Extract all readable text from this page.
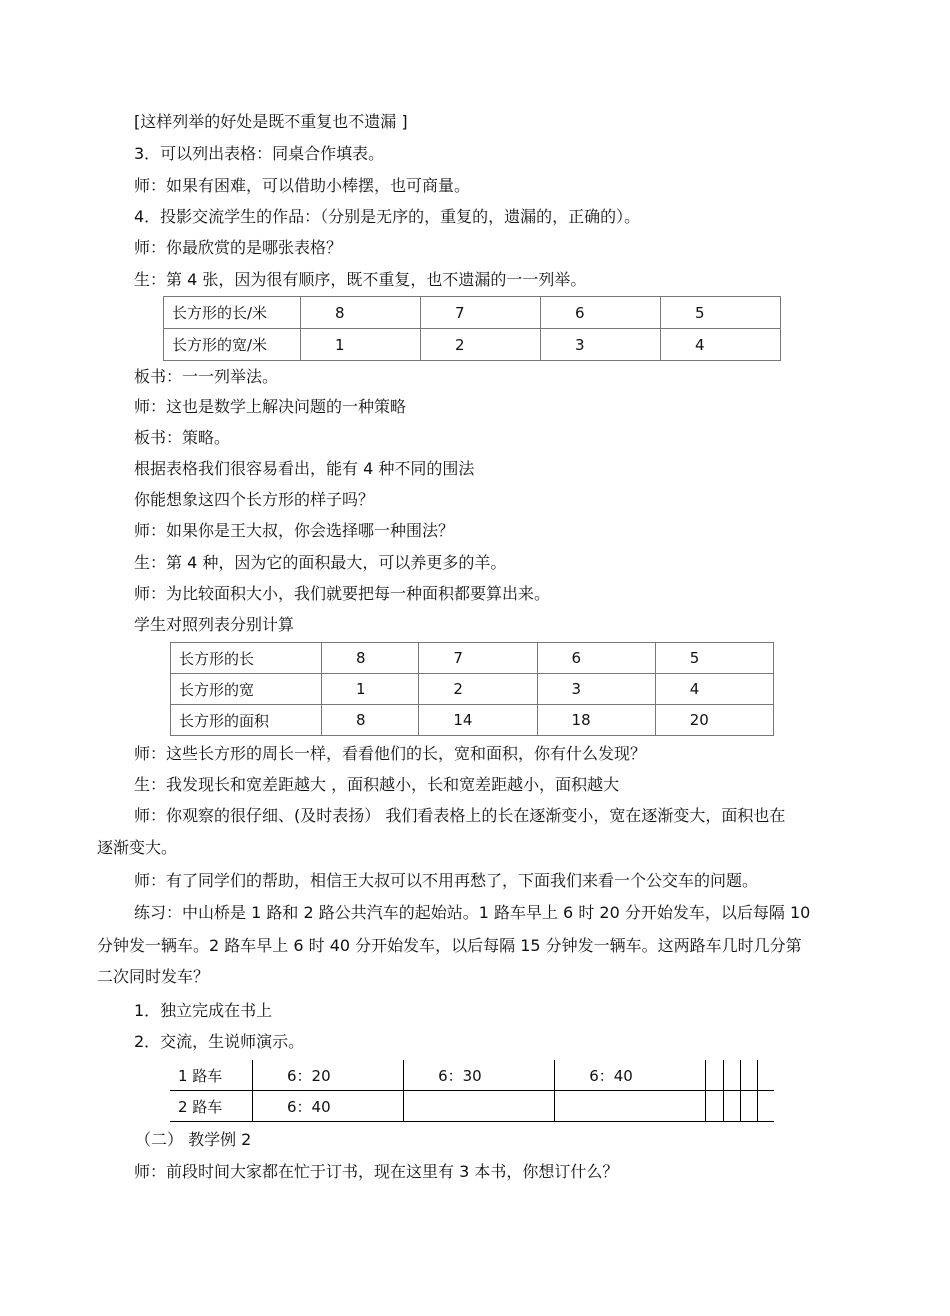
[这样列举的好处是既不重复也不遗漏 ]
3．可以列出表格：同桌合作填表。
师：如果有困难，可以借助小棒摆，也可商量。
4．投影交流学生的作品：（分别是无序的，重复的，遗漏的，正确的）。
师：你最欣赏的是哪张表格？
生：第 4 张，因为很有顺序，既不重复，也不遗漏的一一列举。
长方形的长/米	8	7	6	5
长方形的宽/米	1	2	3	4
板书：一一列举法。
师：这也是数学上解决问题的一种策略
板书：策略。
根据表格我们很容易看出，能有 4 种不同的围法
你能想象这四个长方形的样子吗？
师：如果你是王大叔，你会选择哪一种围法？
生：第 4 种，因为它的面积最大，可以养更多的羊。
师：为比较面积大小，我们就要把每一种面积都要算出来。
学生对照列表分别计算
长方形的长	8	7	6	5
长方形的宽	1	2	3	4
长方形的面积	8	14	18	20
师：这些长方形的周长一样，看看他们的长，宽和面积，你有什么发现？
生：我发现长和宽差距越大 ，面积越小，长和宽差距越小，面积越大
师：你观察的很仔细、(及时表扬） 我们看表格上的长在逐渐变小，宽在逐渐变大，面积也在
逐渐变大。
师：有了同学们的帮助，相信王大叔可以不用再愁了，下面我们来看一个公交车的问题。
练习：中山桥是 1 路和 2 路公共汽车的起始站。1 路车早上 6 时 20 分开始发车，以后每隔 10
分钟发一辆车。2 路车早上 6 时 40 分开始发车，以后每隔 15 分钟发一辆车。这两路车几时几分第
二次同时发车？
1．独立完成在书上
2．交流，生说师演示。
1 路车	6：20	6：30	6：40				
2 路车	6：40						
（二） 教学例 2
师：前段时间大家都在忙于订书，现在这里有 3 本书，你想订什么？
